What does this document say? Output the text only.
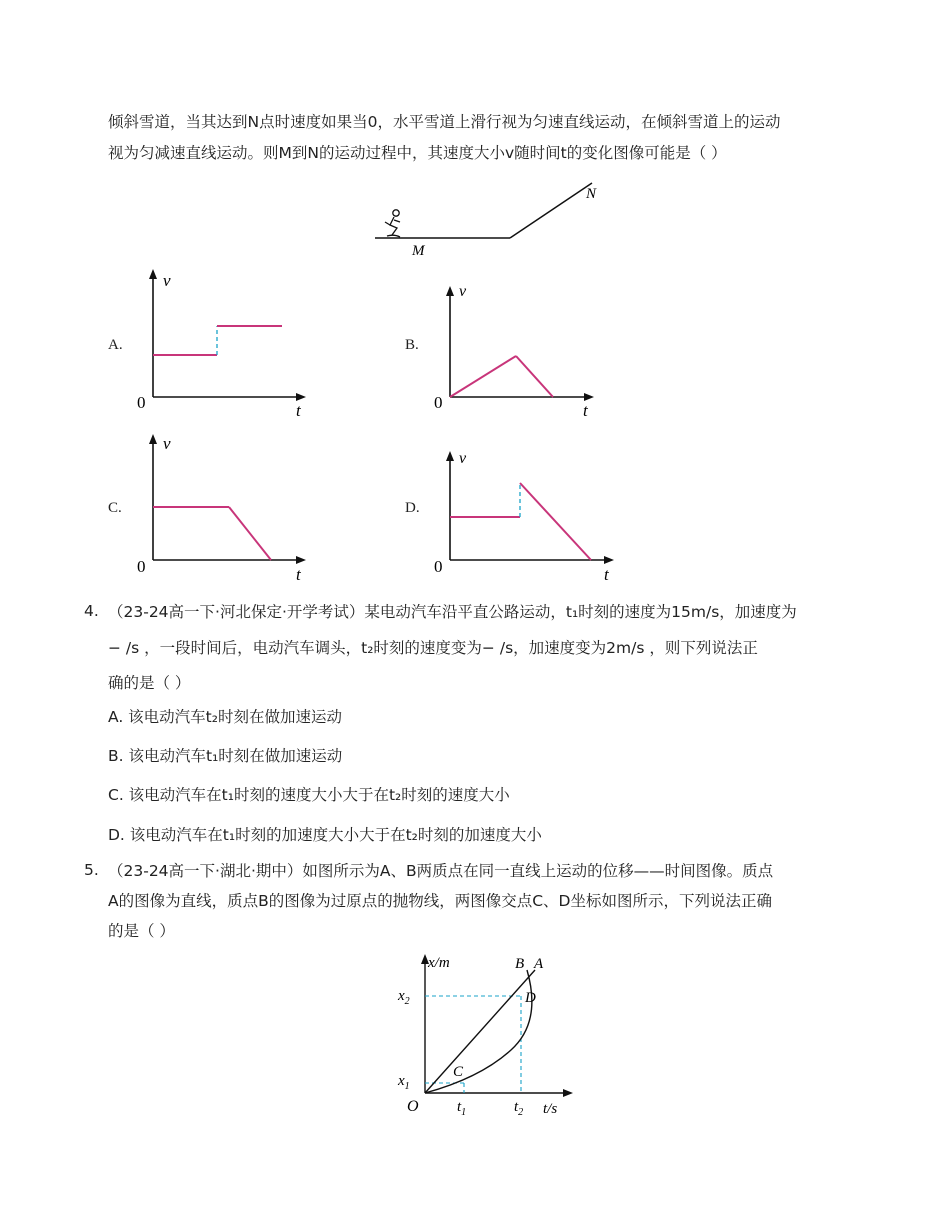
倾斜雪道，当其达到N点时速度如果当0，水平雪道上滑行视为匀速直线运动，在倾斜雪道上的运动
视为匀减速直线运动。则M到N的运动过程中，其速度大小v随时间t的变化图像可能是（ ）
M
N
A.
v
0	t
B.
v
0	t
C.
v
0	t
D.
v
0	t
4. （23-24高一下·河北保定·开学考试）某电动汽车沿平直公路运动，t₁时刻的速度为15m/s，加速度为
− /s ，一段时间后，电动汽车调头，t₂时刻的速度变为− /s，加速度变为2m/s ，则下列说法正
确的是（ ）
A. 该电动汽车t₂时刻在做加速运动
B. 该电动汽车t₁时刻在做加速运动
C. 该电动汽车在t₁时刻的速度大小大于在t₂时刻的速度大小
D. 该电动汽车在t₁时刻的加速度大小大于在t₂时刻的加速度大小
5. （23-24高一下·湖北·期中）如图所示为A、B两质点在同一直线上运动的位移——时间图像。质点
A的图像为直线，质点B的图像为过原点的抛物线，两图像交点C、D坐标如图所示，下列说法正确
的是（ ）
x/m
t/s
O
$x_2$
$x_1$
$t_1$	$t_2$
C
D
B A
